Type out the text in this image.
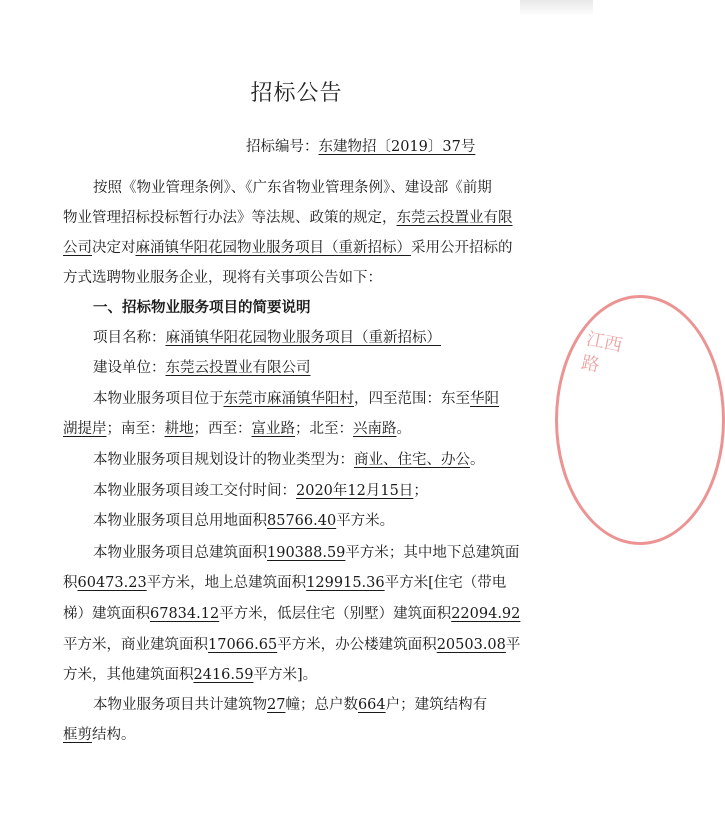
招标公告
招标编号：东建物招〔2019〕37号
按照《物业管理条例》、《广东省物业管理条例》、建设部《前期
物业管理招标投标暂行办法》等法规、政策的规定，东莞云投置业有限
公司决定对麻涌镇华阳花园物业服务项目（重新招标）采用公开招标的
方式选聘物业服务企业，现将有关事项公告如下：
一、招标物业服务项目的简要说明
项目名称：麻涌镇华阳花园物业服务项目（重新招标）
建设单位：东莞云投置业有限公司
本物业服务项目位于东莞市麻涌镇华阳村，四至范围：东至华阳
湖提岸；南至：耕地；西至：富业路；北至：兴南路。
本物业服务项目规划设计的物业类型为：商业、住宅、办公。
本物业服务项目竣工交付时间：2020年12月15日；
本物业服务项目总用地面积85766.40平方米。
本物业服务项目总建筑面积190388.59平方米；其中地下总建筑面
积60473.23平方米，地上总建筑面积129915.36平方米[住宅（带电
梯）建筑面积67834.12平方米，低层住宅（别墅）建筑面积22094.92
平方米，商业建筑面积17066.65平方米，办公楼建筑面积20503.08平
方米，其他建筑面积2416.59平方米]。
本物业服务项目共计建筑物27幢；总户数664户；建筑结构有
框剪结构。
江西路
